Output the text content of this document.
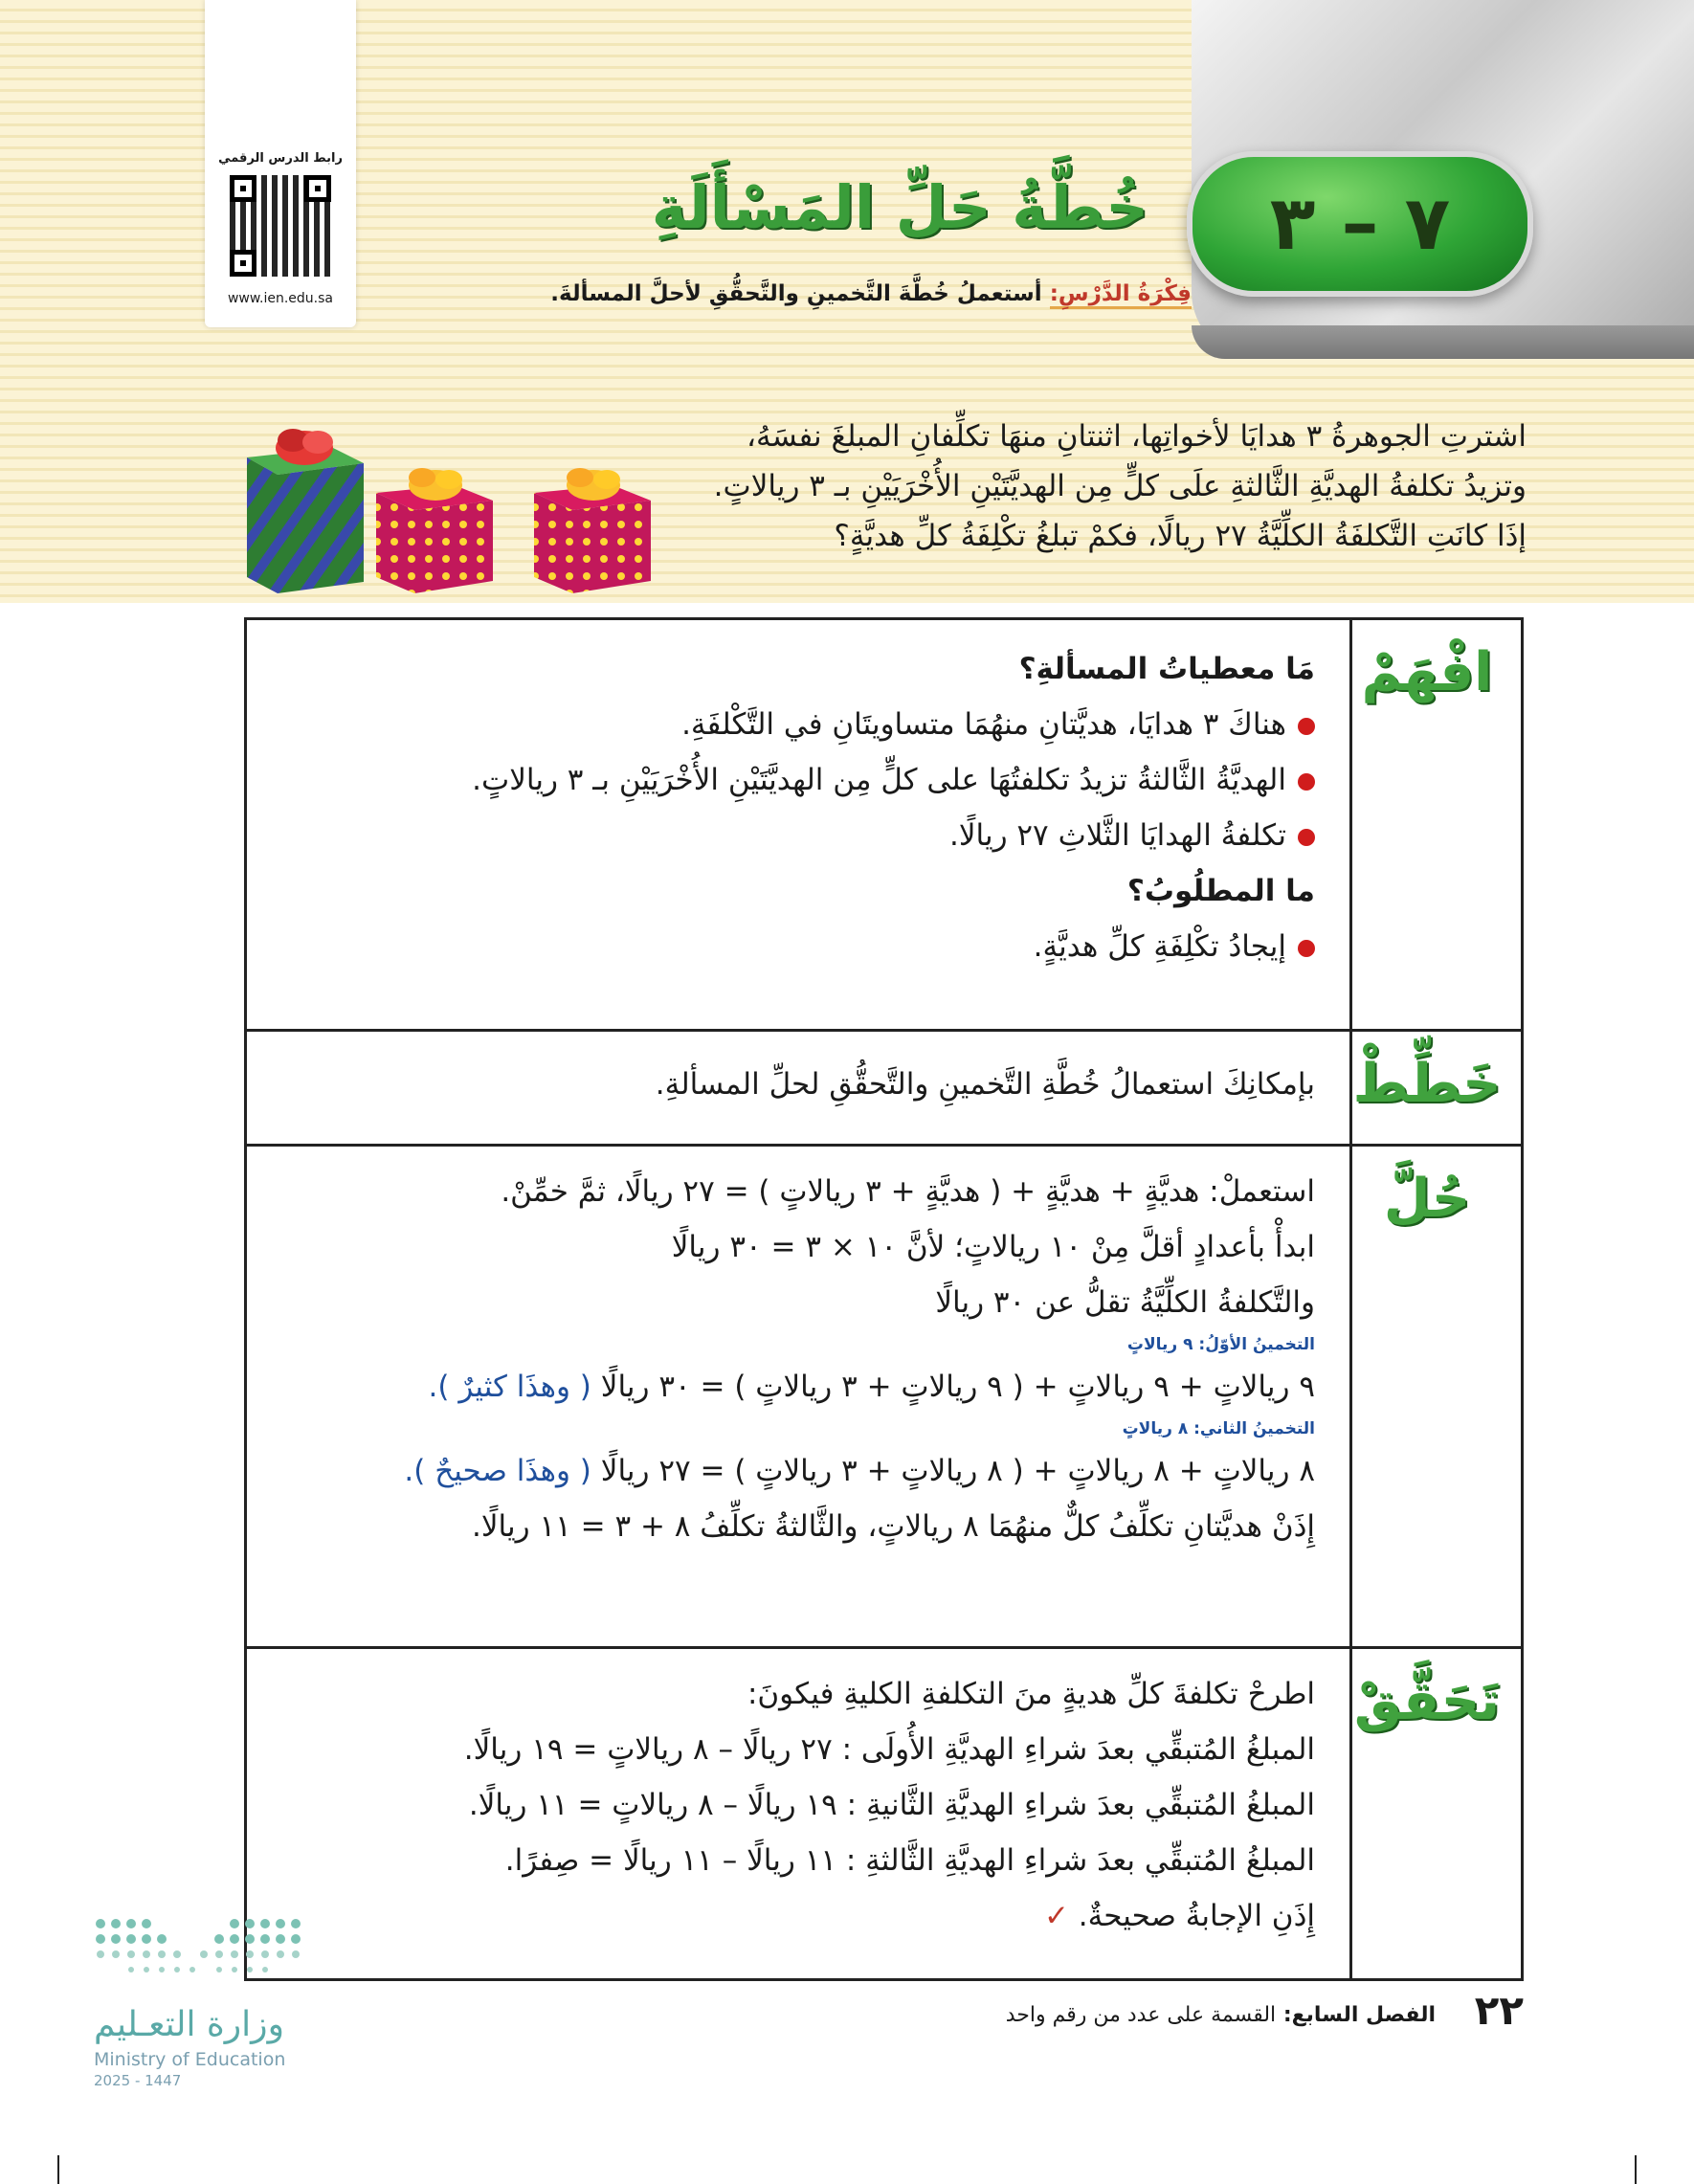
٧ – ٣
خُطَّةُ حَلِّ المَسْأَلَةِ
فِكْرَةُ الدَّرْسِ: أستعملُ خُطَّةَ التَّخمينِ والتَّحقُّقِ لأحلَّ المسألةَ.
رابط الدرس الرقمي
www.ien.edu.sa

اشترتِ الجوهرةُ ٣ هدايَا لأخواتِها، اثنتانِ منهَا تكلِّفانِ المبلغَ نفسَهُ،

وتزيدُ تكلفةُ الهديَّةِ الثَّالثةِ علَى كلٍّ مِن الهديَّتَيْنِ الأُخْرَيَيْنِ بـ ٣ ريالاتٍ.

إذَا كانَتِ التَّكلفَةُ الكلِّيَّةُ ٢٧ ريالًا، فكمْ تبلغُ تكْلِفَةُ كلِّ هديَّةٍ؟

افْهَمْ
مَا معطياتُ المسألةِ؟
هناكَ ٣ هدايَا، هديَّتانِ منهُمَا متساويتَانِ في التَّكْلفَةِ.
الهديَّةُ الثَّالثةُ تزيدُ تكلفتُهَا على كلٍّ مِن الهديَّتَيْنِ الأُخْرَيَيْنِ بـ ٣ ريالاتٍ.
تكلفةُ الهدايَا الثَّلاثِ ٢٧ ريالًا.
ما المطلُوبُ؟
إيجادُ تكْلِفَةِ كلِّ هديَّةٍ.
خَطِّطْ
بإمكانِكَ استعمالُ خُطَّةِ التَّخمينِ والتَّحقُّقِ لحلِّ المسألةِ.
حُلَّ
استعملْ: هديَّةٍ + هديَّةٍ + ( هديَّةٍ + ٣ ريالاتٍ ) = ٢٧ ريالًا، ثمَّ خمِّنْ.
ابدأْ بأعدادٍ أقلَّ مِنْ ١٠ ريالاتٍ؛ لأنَّ ١٠ × ٣ = ٣٠ ريالًا
والتَّكلفةُ الكلِّيَّةُ تقلُّ عن ٣٠ ريالًا
التخمينُ الأوّلُ: ٩ ريالاتٍ
٩ ريالاتٍ + ٩ ريالاتٍ + ( ٩ ريالاتٍ + ٣ ريالاتٍ ) = ٣٠ ريالًا ( وهذَا كثيرٌ ).
التخمينُ الثاني: ٨ ريالاتٍ
٨ ريالاتٍ + ٨ ريالاتٍ + ( ٨ ريالاتٍ + ٣ ريالاتٍ ) = ٢٧ ريالًا ( وهذَا صحيحٌ ).
إِذَنْ هديَّتانِ تكلِّفُ كلٌّ منهُمَا ٨ ريالاتٍ، والثَّالثةُ تكلِّفُ ٨ + ٣ = ١١ ريالًا.
تَحَقَّقْ
اطرحْ تكلفةَ كلِّ هديةٍ منَ التكلفةِ الكليةِ فيكونَ:
المبلغُ المُتبقِّي بعدَ شراءِ الهديَّةِ الأُولَى : ٢٧ ريالًا – ٨ ريالاتٍ = ١٩ ريالًا.
المبلغُ المُتبقِّي بعدَ شراءِ الهديَّةِ الثَّانيةِ : ١٩ ريالًا – ٨ ريالاتٍ = ١١ ريالًا.
المبلغُ المُتبقِّي بعدَ شراءِ الهديَّةِ الثَّالثةِ : ١١ ريالًا – ١١ ريالًا = صِفرًا.
إِذَنِ الإجابةُ صحيحةٌ. ✓
وزارة التعـليم
Ministry of Education
2025 - 1447
٢٢
الفصل السابع: القسمة على عدد من رقم واحد
